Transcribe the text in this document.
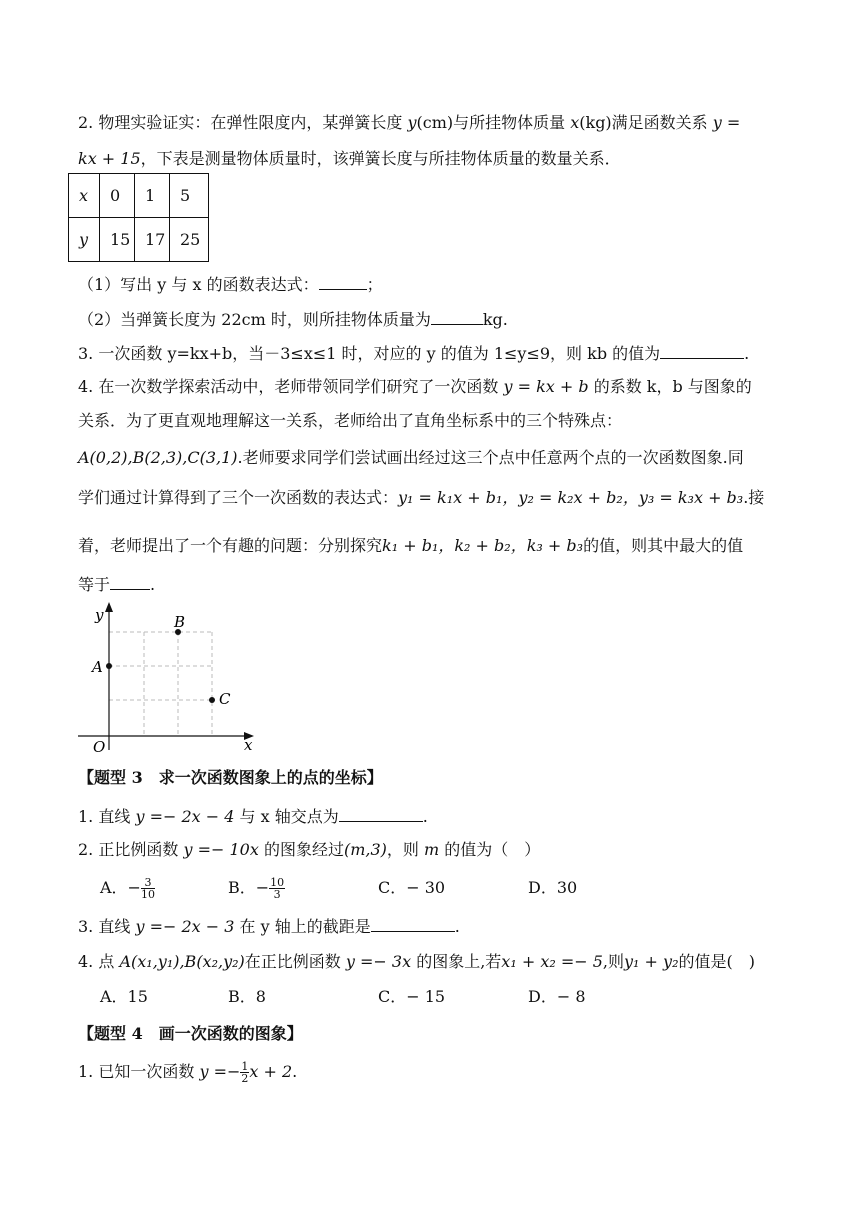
2. 物理实验证实：在弹性限度内，某弹簧长度 y(cm)与所挂物体质量 x(kg)满足函数关系 y =
kx + 15，下表是测量物体质量时，该弹簧长度与所挂物体质量的数量关系．
x	0	1	5
y	15	17	25
（1）写出 y 与 x 的函数表达式：	；
（2）当弹簧长度为 22cm 时，则所挂物体质量为	kg.
3. 一次函数 y=kx+b，当－3≤x≤1 时，对应的 y 的值为 1≤y≤9，则 kb 的值为	.
4. 在一次数学探索活动中，老师带领同学们研究了一次函数 y = kx + b 的系数 k，b 与图象的
关系．为了更直观地理解这一关系，老师给出了直角坐标系中的三个特殊点：
A(0,2),B(2,3),C(3,1).老师要求同学们尝试画出经过这三个点中任意两个点的一次函数图象.同
学们通过计算得到了三个一次函数的表达式：y₁ = k₁x + b₁，y₂ = k₂x + b₂，y₃ = k₃x + b₃.接
着，老师提出了一个有趣的问题：分别探究k₁ + b₁，k₂ + b₂，k₃ + b₃的值，则其中最大的值
等于	.
y
x
O
A
B
C
【题型 3　求一次函数图象上的点的坐标】
1. 直线 y =− 2x − 4 与 x 轴交点为	.
2. 正比例函数 y =− 10x 的图象经过(m,3)，则 m 的值为（　）
A．− $\frac{3}{10}$	B．− $\frac{10}{3}$	C．− 30	D．30
3. 直线 y =− 2x − 3 在 y 轴上的截距是	.
4. 点 A(x₁,y₁),B(x₂,y₂)在正比例函数 y =− 3x 的图象上,若x₁ + x₂ =− 5,则y₁ + y₂的值是(　)
A．15	B．8	C．− 15	D．− 8
【题型 4　画一次函数的图象】
1. 已知一次函数 $y =- \frac{1}{2}$ x + 2.
